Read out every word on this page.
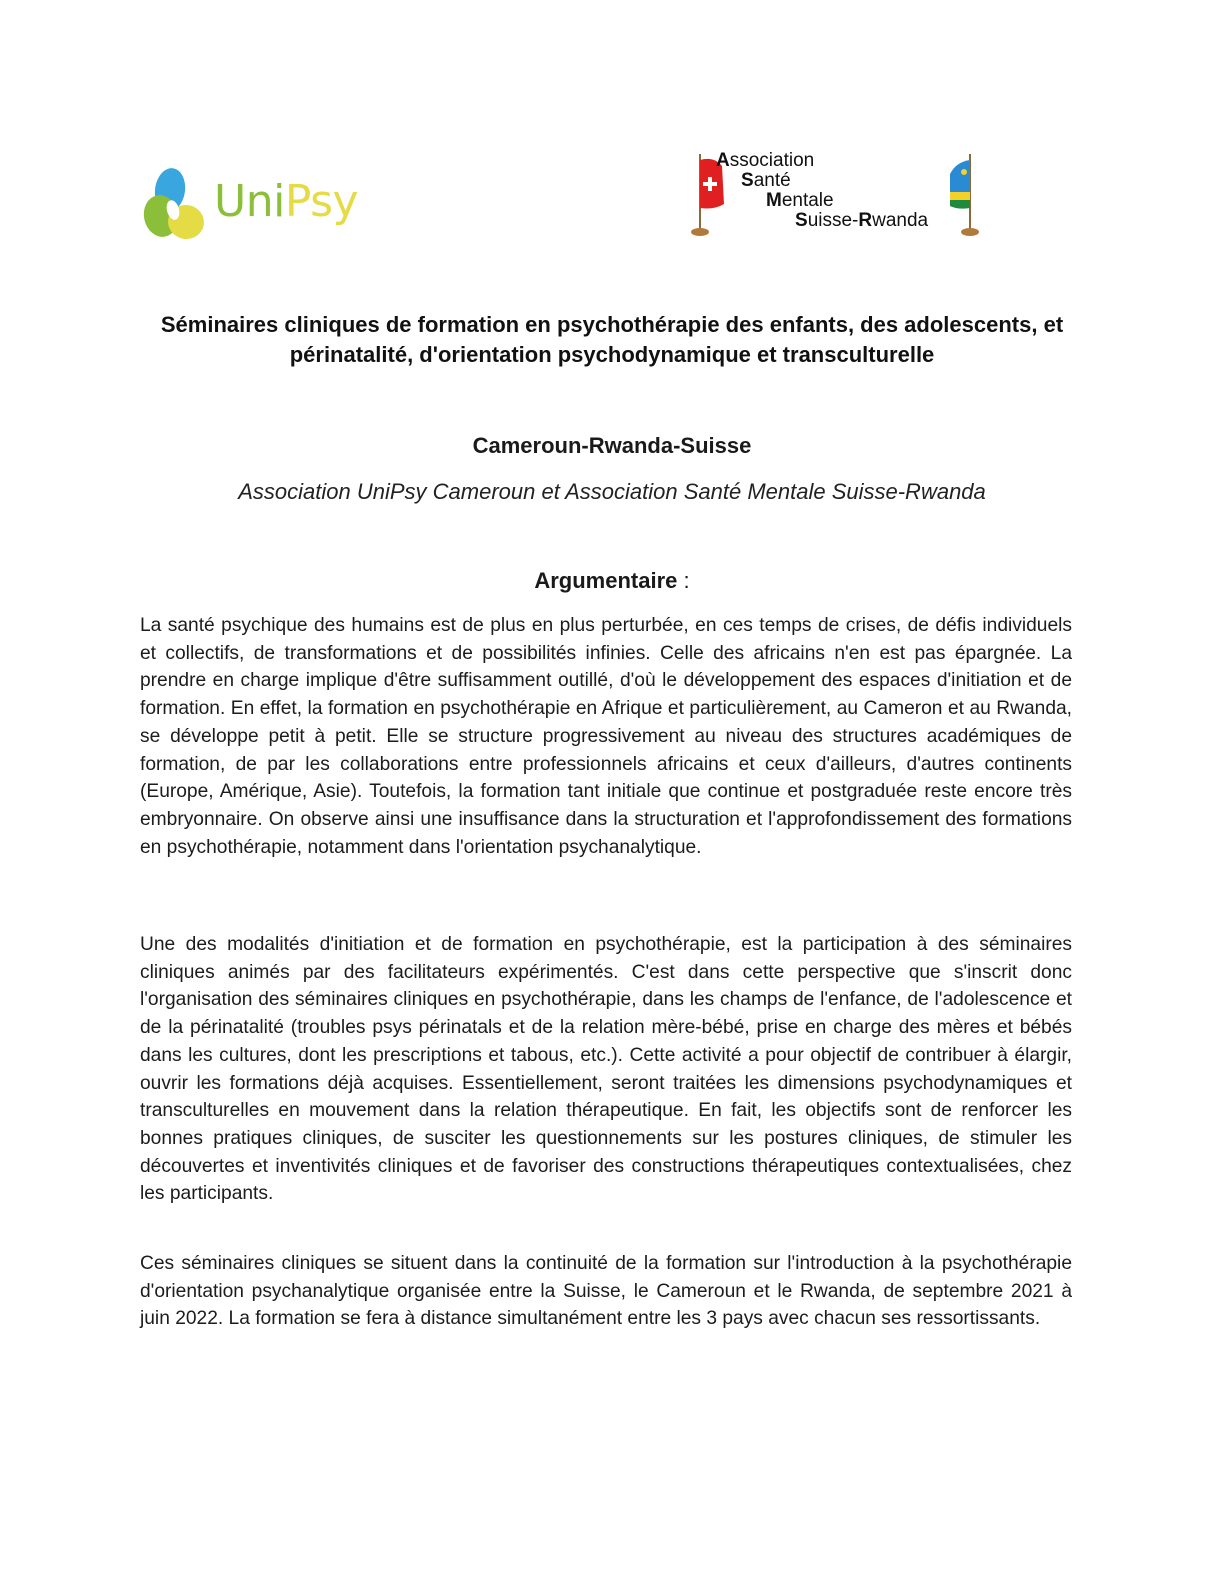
UniPsy
Association
Santé
Mentale
Suisse-Rwanda
Séminaires cliniques de formation en psychothérapie des enfants, des adolescents, et périnatalité, d'orientation psychodynamique et transculturelle
Cameroun-Rwanda-Suisse
Association UniPsy Cameroun et Association Santé Mentale Suisse-Rwanda
Argumentaire :

La santé psychique des humains est de plus en plus perturbée, en ces temps de crises, de défis individuels et collectifs, de transformations et de possibilités infinies. Celle des africains n'en est pas épargnée. La prendre en charge implique d'être suffisamment outillé, d'où le développement des espaces d'initiation et de formation. En effet, la formation en psychothérapie en Afrique et particulièrement, au Cameron et au Rwanda, se développe petit à petit. Elle se structure progressivement au niveau des structures académiques de formation, de par les collaborations entre professionnels africains et ceux d'ailleurs, d'autres continents (Europe, Amérique, Asie). Toutefois, la formation tant initiale que continue et postgraduée reste encore très embryonnaire. On observe ainsi une insuffisance dans la structuration et l'approfondissement des formations en psychothérapie, notamment dans l'orientation psychanalytique.

Une des modalités d'initiation et de formation en psychothérapie, est la participation à des séminaires cliniques animés par des facilitateurs expérimentés. C'est dans cette perspective que s'inscrit donc l'organisation des séminaires cliniques en psychothérapie, dans les champs de l'enfance, de l'adolescence et de la périnatalité (troubles psys périnatals et de la relation mère-bébé, prise en charge des mères et bébés dans les cultures, dont les prescriptions et tabous, etc.). Cette activité a pour objectif de contribuer à élargir, ouvrir les formations déjà acquises. Essentiellement, seront traitées les dimensions psychodynamiques et transculturelles en mouvement dans la relation thérapeutique. En fait, les objectifs sont de renforcer les bonnes pratiques cliniques, de susciter les questionnements sur les postures cliniques, de stimuler les découvertes et inventivités cliniques et de favoriser des constructions thérapeutiques contextualisées, chez les participants.

Ces séminaires cliniques se situent dans la continuité de la formation sur l'introduction à la psychothérapie d'orientation psychanalytique organisée entre la Suisse, le Cameroun et le Rwanda, de septembre 2021 à juin 2022. La formation se fera à distance simultanément entre les 3 pays avec chacun ses ressortissants.
